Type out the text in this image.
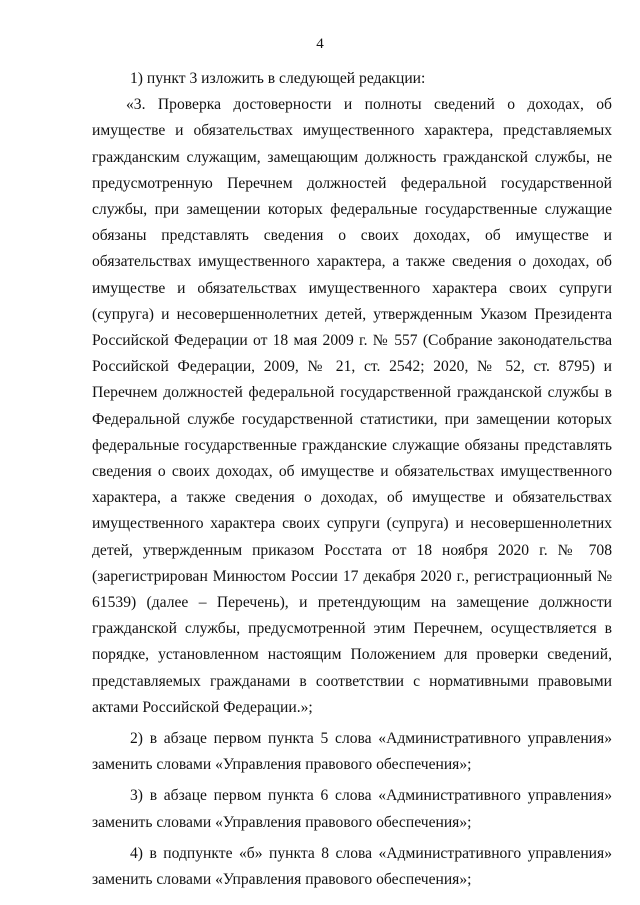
4

1) пункт 3 изложить в следующей редакции:

«3. Проверка достоверности и полноты сведений о доходах, об имуществе и обязательствах имущественного характера, представляемых гражданским служащим, замещающим должность гражданской службы, не предусмотренную Перечнем должностей федеральной государственной службы, при замещении которых федеральные государственные служащие обязаны представлять сведения о своих доходах, об имуществе и обязательствах имущественного характера, а также сведения о доходах, об имуществе и обязательствах имущественного характера своих супруги (супруга) и несовершеннолетних детей, утвержденным Указом Президента Российской Федерации от 18 мая 2009 г. № 557 (Собрание законодательства Российской Федерации, 2009, № 21, ст. 2542; 2020, № 52, ст. 8795) и Перечнем должностей федеральной государственной гражданской службы в Федеральной службе государственной статистики, при замещении которых федеральные государственные гражданские служащие обязаны представлять сведения о своих доходах, об имуществе и обязательствах имущественного характера, а также сведения о доходах, об имуществе и обязательствах имущественного характера своих супруги (супруга) и несовершеннолетних детей, утвержденным приказом Росстата от 18 ноября 2020 г. № 708 (зарегистрирован Минюстом России 17 декабря 2020 г., регистрационный № 61539) (далее – Перечень), и претендующим на замещение должности гражданской службы, предусмотренной этим Перечнем, осуществляется в порядке, установленном настоящим Положением для проверки сведений, представляемых гражданами в соответствии с нормативными правовыми актами Российской Федерации.»;

2) в абзаце первом пункта 5 слова «Административного управления» заменить словами «Управления правового обеспечения»;

3) в абзаце первом пункта 6 слова «Административного управления» заменить словами «Управления правового обеспечения»;

4) в подпункте «б» пункта 8 слова «Административного управления» заменить словами «Управления правового обеспечения»;
